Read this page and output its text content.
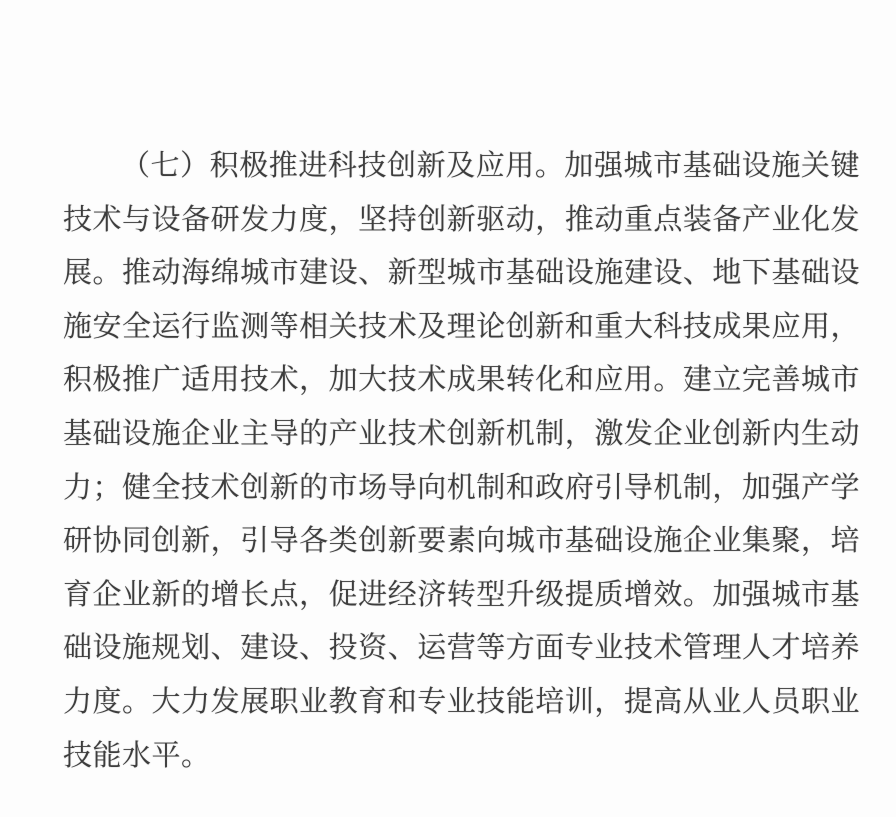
（七）积极推进科技创新及应用。加强城市基础设施关键
技术与设备研发力度，坚持创新驱动，推动重点装备产业化发
展。推动海绵城市建设、新型城市基础设施建设、地下基础设
施安全运行监测等相关技术及理论创新和重大科技成果应用，
积极推广适用技术，加大技术成果转化和应用。建立完善城市
基础设施企业主导的产业技术创新机制，激发企业创新内生动
力；健全技术创新的市场导向机制和政府引导机制，加强产学
研协同创新，引导各类创新要素向城市基础设施企业集聚，培
育企业新的增长点，促进经济转型升级提质增效。加强城市基
础设施规划、建设、投资、运营等方面专业技术管理人才培养
力度。大力发展职业教育和专业技能培训，提高从业人员职业
技能水平。
